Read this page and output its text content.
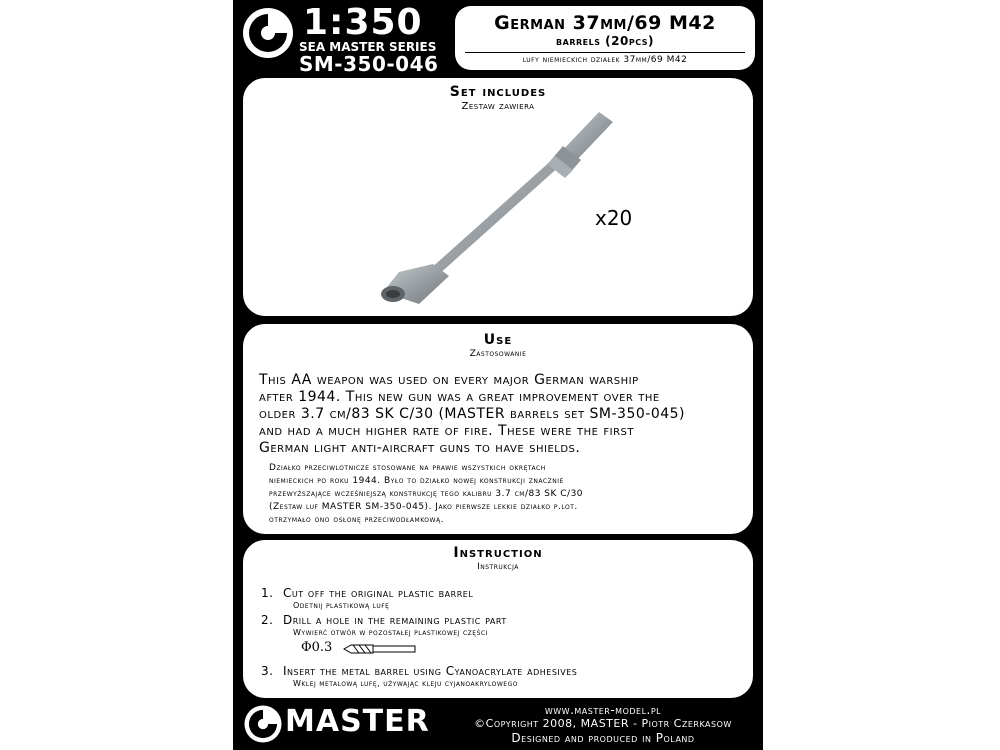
1:350
SEA MASTER SERIES
SM-350-046
German 37mm/69 M42
barrels (20pcs)
lufy niemieckich działek 37mm/69 M42
Set includes
Zestaw zawiera
x20
Use
Zastosowanie
This AA weapon was used on every major German warship
after 1944. This new gun was a great improvement over the
older 3.7 cm/83 SK C/30 (MASTER barrels set SM-350-045)
and had a much higher rate of fire. These were the first
German light anti-aircraft guns to have shields.
Działko przeciwlotnicze stosowane na prawie wszystkich okrętach
niemieckich po roku 1944. Było to działko nowej konstrukcji znacznie
przewyższające wcześniejszą konstrukcję tego kalibru 3.7 cm/83 SK C/30
(Zestaw luf MASTER SM-350-045). Jako pierwsze lekkie działko p.lot.
otrzymało ono osłonę przeciwodłamkową.
Instruction
Instrukcja
1. Cut off the original plastic barrel
Odetnij plastikową lufę
2. Drill a hole in the remaining plastic part
Wywierć otwór w pozostałej plastikowej części
Φ0.3
3. Insert the metal barrel using Cyanoacrylate adhesives
Wklej metalową lufę, używając kleju cyjanoakrylowego
MASTER	www.master-model.pl
©Copyright 2008, MASTER - Piotr Czerkasow
Designed and produced in Poland
